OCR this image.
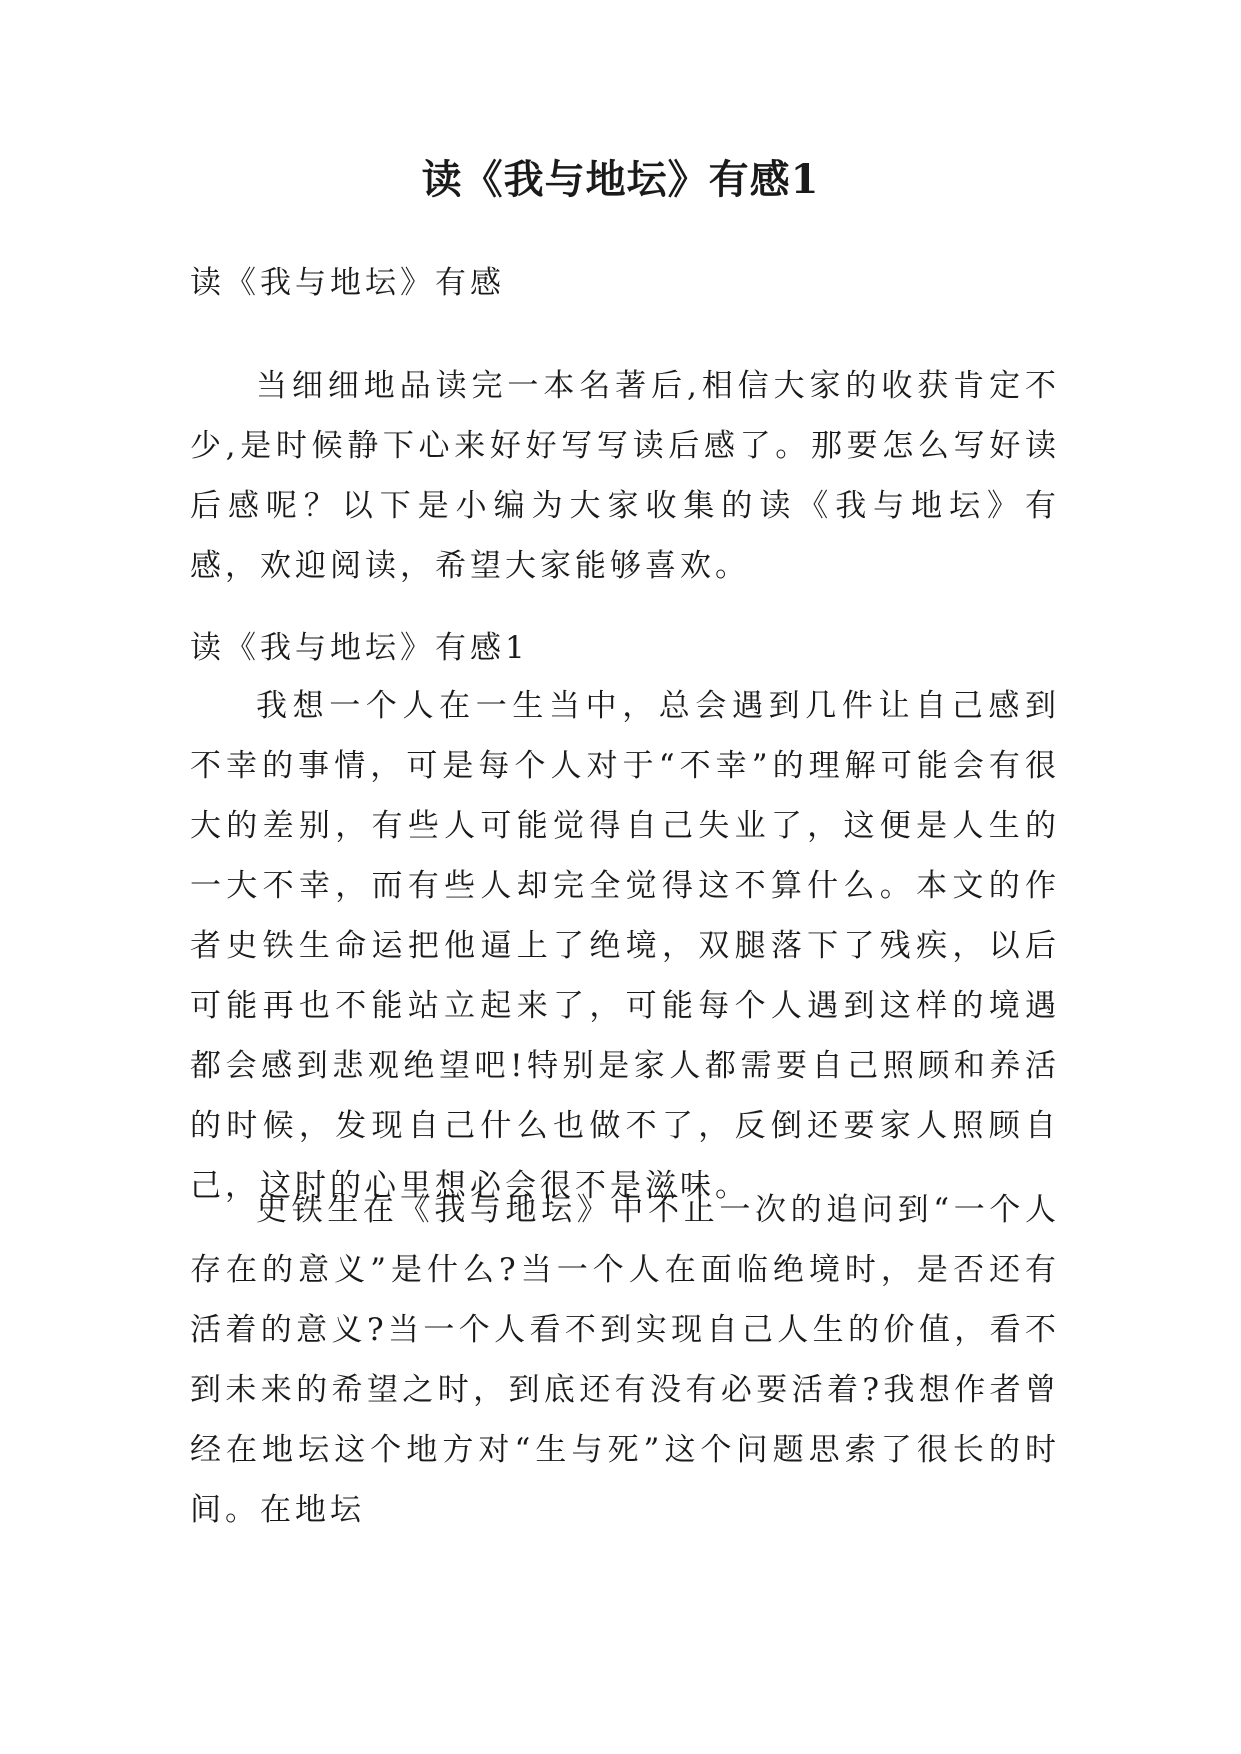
读《我与地坛》有感1

读《我与地坛》有感

当细细地品读完一本名著后,相信大家的收获肯定不少,是时候静下心来好好写写读后感了。那要怎么写好读后感呢？以下是小编为大家收集的读《我与地坛》有感，欢迎阅读，希望大家能够喜欢。

读《我与地坛》有感1

我想一个人在一生当中，总会遇到几件让自己感到不幸的事情，可是每个人对于“不幸”的理解可能会有很大的差别，有些人可能觉得自己失业了，这便是人生的一大不幸，而有些人却完全觉得这不算什么。本文的作者史铁生命运把他逼上了绝境，双腿落下了残疾，以后可能再也不能站立起来了，可能每个人遇到这样的境遇都会感到悲观绝望吧!特别是家人都需要自己照顾和养活的时候，发现自己什么也做不了，反倒还要家人照顾自己，这时的心里想必会很不是滋味。

史铁生在《我与地坛》中不止一次的追问到“一个人存在的意义”是什么?当一个人在面临绝境时，是否还有活着的意义?当一个人看不到实现自己人生的价值，看不到未来的希望之时，到底还有没有必要活着?我想作者曾经在地坛这个地方对“生与死”这个问题思索了很长的时间。在地坛
